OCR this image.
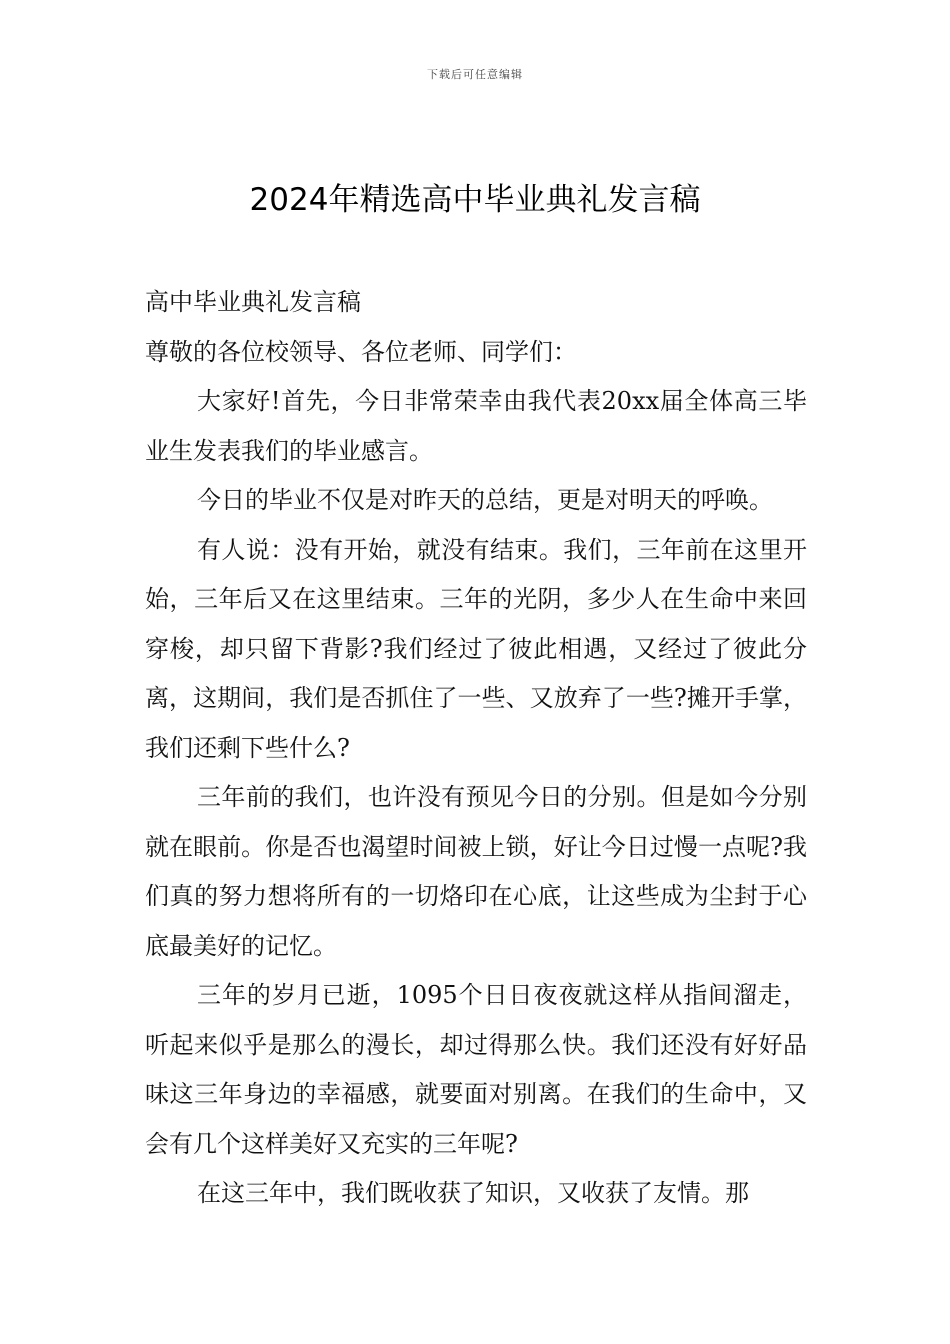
下载后可任意编辑
2024年精选高中毕业典礼发言稿

高中毕业典礼发言稿

尊敬的各位校领导、各位老师、同学们：

大家好!首先，今日非常荣幸由我代表20xx届全体高三毕业生发表我们的毕业感言。

今日的毕业不仅是对昨天的总结，更是对明天的呼唤。

有人说：没有开始，就没有结束。我们，三年前在这里开始，三年后又在这里结束。三年的光阴，多少人在生命中来回穿梭，却只留下背影?我们经过了彼此相遇，又经过了彼此分离，这期间，我们是否抓住了一些、又放弃了一些?摊开手掌，我们还剩下些什么?

三年前的我们，也许没有预见今日的分别。但是如今分别就在眼前。你是否也渴望时间被上锁，好让今日过慢一点呢?我们真的努力想将所有的一切烙印在心底，让这些成为尘封于心底最美好的记忆。

三年的岁月已逝，1095个日日夜夜就这样从指间溜走，听起来似乎是那么的漫长，却过得那么快。我们还没有好好品味这三年身边的幸福感，就要面对别离。在我们的生命中，又会有几个这样美好又充实的三年呢?

在这三年中，我们既收获了知识，又收获了友情。那
